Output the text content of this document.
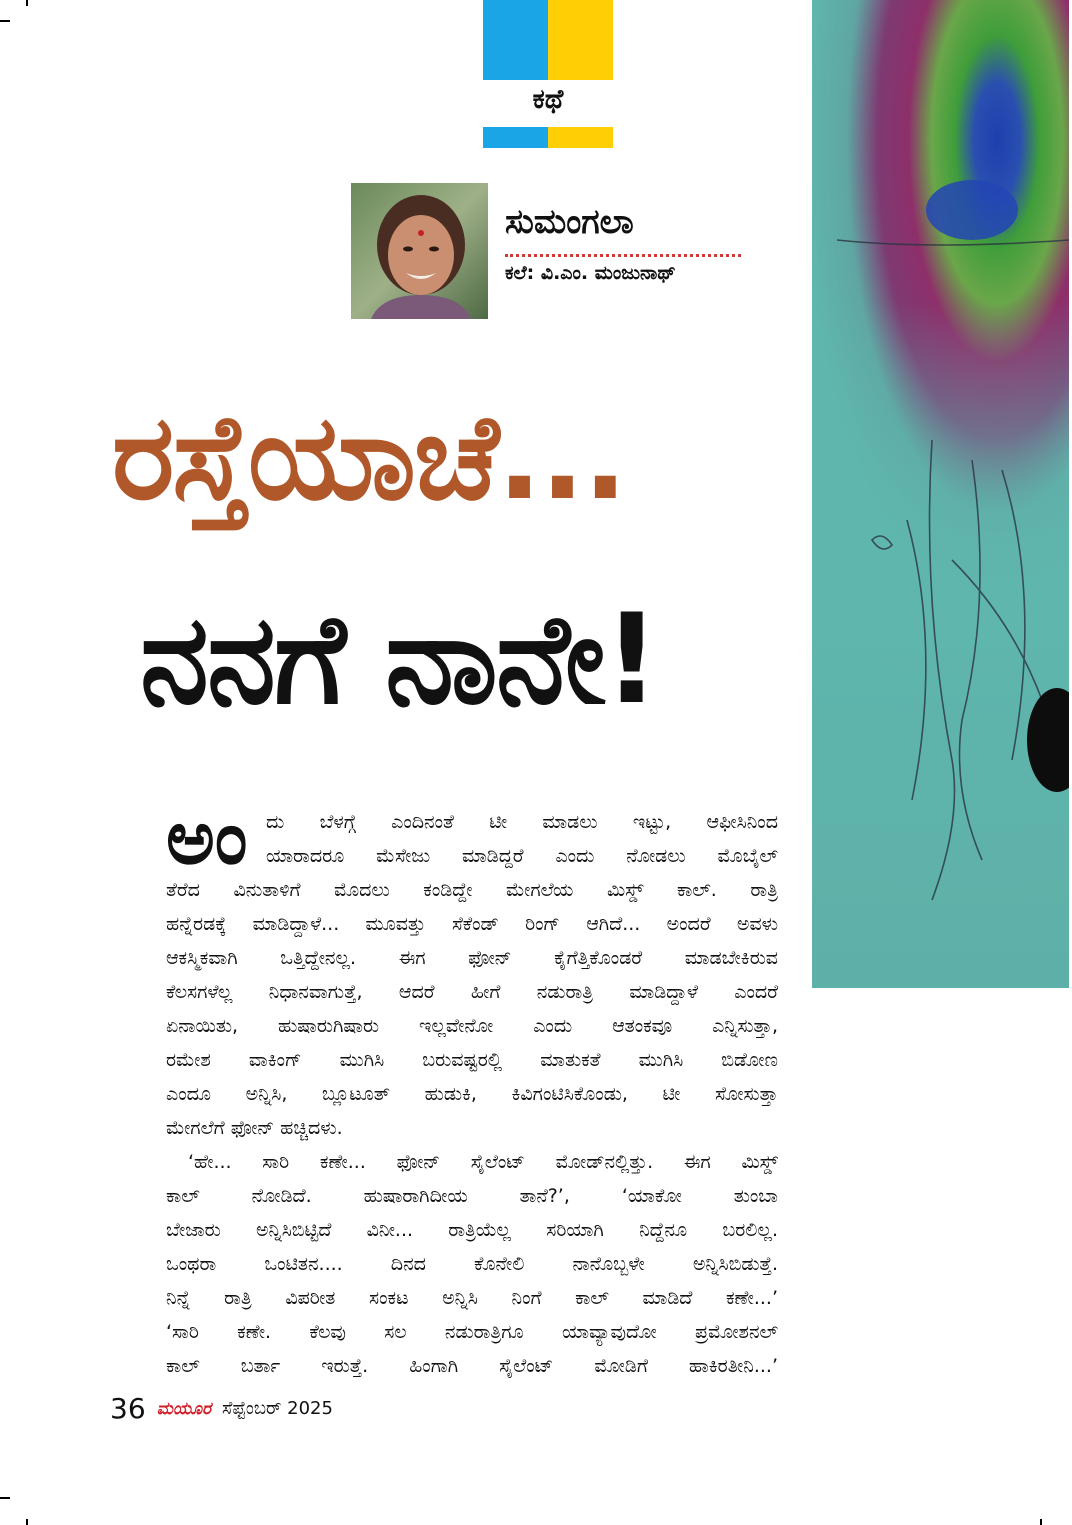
ಕಥೆ
ಸುಮಂಗಲಾ
ಕಲೆ: ವಿ.ಎಂ. ಮಂಜುನಾಥ್
ರಸ್ತೆಯಾಚೆ...
ನನಗೆ ನಾನೇ!
ಅಂ ದು ಬೆಳಗ್ಗೆ ಎಂದಿನಂತೆ ಟೀ ಮಾಡಲು ಇಟ್ಟು, ಆಫೀಸಿನಿಂದ
ಯಾರಾದರೂ ಮೆಸೇಜು ಮಾಡಿದ್ದರೆ ಎಂದು ನೋಡಲು ಮೊಬೈಲ್
ತೆರೆದ ವಿನುತಾಳಿಗೆ ಮೊದಲು ಕಂಡಿದ್ದೇ ಮೇಗಲೆಯ ಮಿಸ್ಡ್ ಕಾಲ್. ರಾತ್ರಿ
ಹನ್ನೆರಡಕ್ಕೆ ಮಾಡಿದ್ದಾಳೆ... ಮೂವತ್ತು ಸೆಕೆಂಡ್ ರಿಂಗ್ ಆಗಿದೆ... ಅಂದರೆ ಅವಳು
ಆಕಸ್ಮಿಕವಾಗಿ ಒತ್ತಿದ್ದೇನಲ್ಲ. ಈಗ ಫೋನ್ ಕೈಗೆತ್ತಿಕೊಂಡರೆ ಮಾಡಬೇಕಿರುವ
ಕೆಲಸಗಳೆಲ್ಲ ನಿಧಾನವಾಗುತ್ತೆ, ಆದರೆ ಹೀಗೆ ನಡುರಾತ್ರಿ ಮಾಡಿದ್ದಾಳೆ ಎಂದರೆ
ಏನಾಯಿತು, ಹುಷಾರುಗಿಷಾರು ಇಲ್ಲವೇನೋ ಎಂದು ಆತಂಕವೂ ಎನ್ನಿಸುತ್ತಾ,
ರಮೇಶ ವಾಕಿಂಗ್ ಮುಗಿಸಿ ಬರುವಷ್ಟರಲ್ಲಿ ಮಾತುಕತೆ ಮುಗಿಸಿ ಬಿಡೋಣ
ಎಂದೂ ಅನ್ನಿಸಿ, ಬ್ಲೂಟೂತ್ ಹುಡುಕಿ, ಕಿವಿಗಂಟಿಸಿಕೊಂಡು, ಟೀ ಸೋಸುತ್ತಾ
ಮೇಗಲೆಗೆ ಫೋನ್ ಹಚ್ಚಿದಳು.
‘ಹೇ... ಸಾರಿ ಕಣೇ... ಫೋನ್ ಸೈಲೆಂಟ್ ಮೋಡ್‌ನಲ್ಲಿತ್ತು. ಈಗ ಮಿಸ್ಡ್
ಕಾಲ್ ನೋಡಿದೆ. ಹುಷಾರಾಗಿದೀಯ ತಾನೆ?’, ‘ಯಾಕೋ ತುಂಬಾ
ಬೇಜಾರು ಅನ್ನಿಸಿಬಿಟ್ಟಿದೆ ವಿನೀ... ರಾತ್ರಿಯೆಲ್ಲ ಸರಿಯಾಗಿ ನಿದ್ದೆನೂ ಬರಲಿಲ್ಲ.
ಒಂಥರಾ ಒಂಟಿತನ.... ದಿನದ ಕೊನೇಲಿ ನಾನೊಬ್ಬಳೇ ಅನ್ನಿಸಿಬಿಡುತ್ತೆ.
ನಿನ್ನೆ ರಾತ್ರಿ ವಿಪರೀತ ಸಂಕಟ ಅನ್ನಿಸಿ ನಿಂಗೆ ಕಾಲ್ ಮಾಡಿದೆ ಕಣೇ...’
‘ಸಾರಿ ಕಣೇ. ಕೆಲವು ಸಲ ನಡುರಾತ್ರಿಗೂ ಯಾವ್ಯಾವುದೋ ಪ್ರಮೋಶನಲ್
ಕಾಲ್ ಬರ್ತಾ ಇರುತ್ತೆ. ಹಿಂಗಾಗಿ ಸೈಲೆಂಟ್ ಮೋಡಿಗೆ ಹಾಕಿರತೀನಿ...’
36 ಮಯೂರ ಸೆಪ್ಟೆಂಬರ್ 2025
